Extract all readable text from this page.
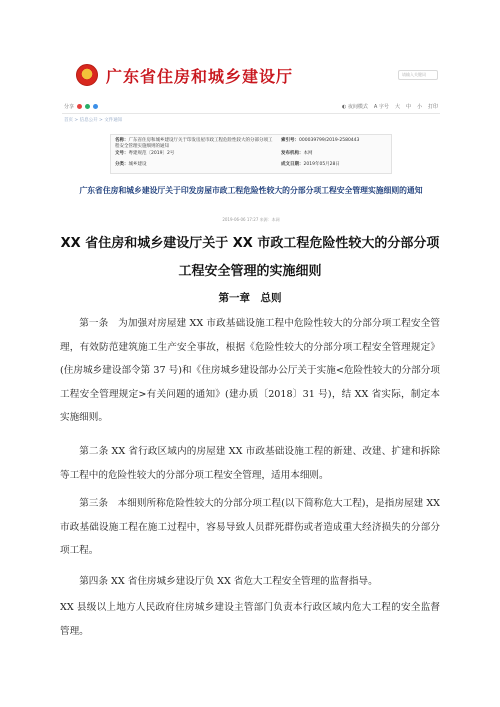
广东省住房和城乡建设厅	请输入关键词
分享	◐ 夜间模式 A 字号 大 中 小 打印
首页 > 信息公开 > 文件通知
名称：广东省住房和城乡建设厅关于印发房屋市政工程危险性较大的分部分项工程安全管理实施细则的通知
索引号：000039799/2019-2580443
文号：粤建规范〔2019〕2号	发布机构：本网
分类：城乡建设	成文日期：2019年05月28日
广东省住房和城乡建设厅关于印发房屋市政工程危险性较大的分部分项工程安全管理实施细则的通知
2019-06-06 17:27 来源：本网
XX 省住房和城乡建设厅关于 XX 市政工程危险性较大的分部分项工程安全管理的实施细则
第一章　总则
第一条　为加强对房屋建 XX 市政基础设施工程中危险性较大的分部分项工程安全管理，有效防范建筑施工生产安全事故，根据《危险性较大的分部分项工程安全管理规定》(住房城乡建设部令第 37 号)和《住房城乡建设部办公厅关于实施<危险性较大的分部分项工程安全管理规定>有关问题的通知》(建办质〔2018〕31 号)，结 XX 省实际，制定本实施细则。
第二条 XX 省行政区域内的房屋建 XX 市政基础设施工程的新建、改建、扩建和拆除等工程中的危险性较大的分部分项工程安全管理，适用本细则。
第三条　本细则所称危险性较大的分部分项工程(以下简称危大工程)，是指房屋建 XX 市政基础设施工程在施工过程中，容易导致人员群死群伤或者造成重大经济损失的分部分项工程。
第四条 XX 省住房城乡建设厅负 XX 省危大工程安全管理的监督指导。
XX 县级以上地方人民政府住房城乡建设主管部门负责本行政区域内危大工程的安全监督管理。
